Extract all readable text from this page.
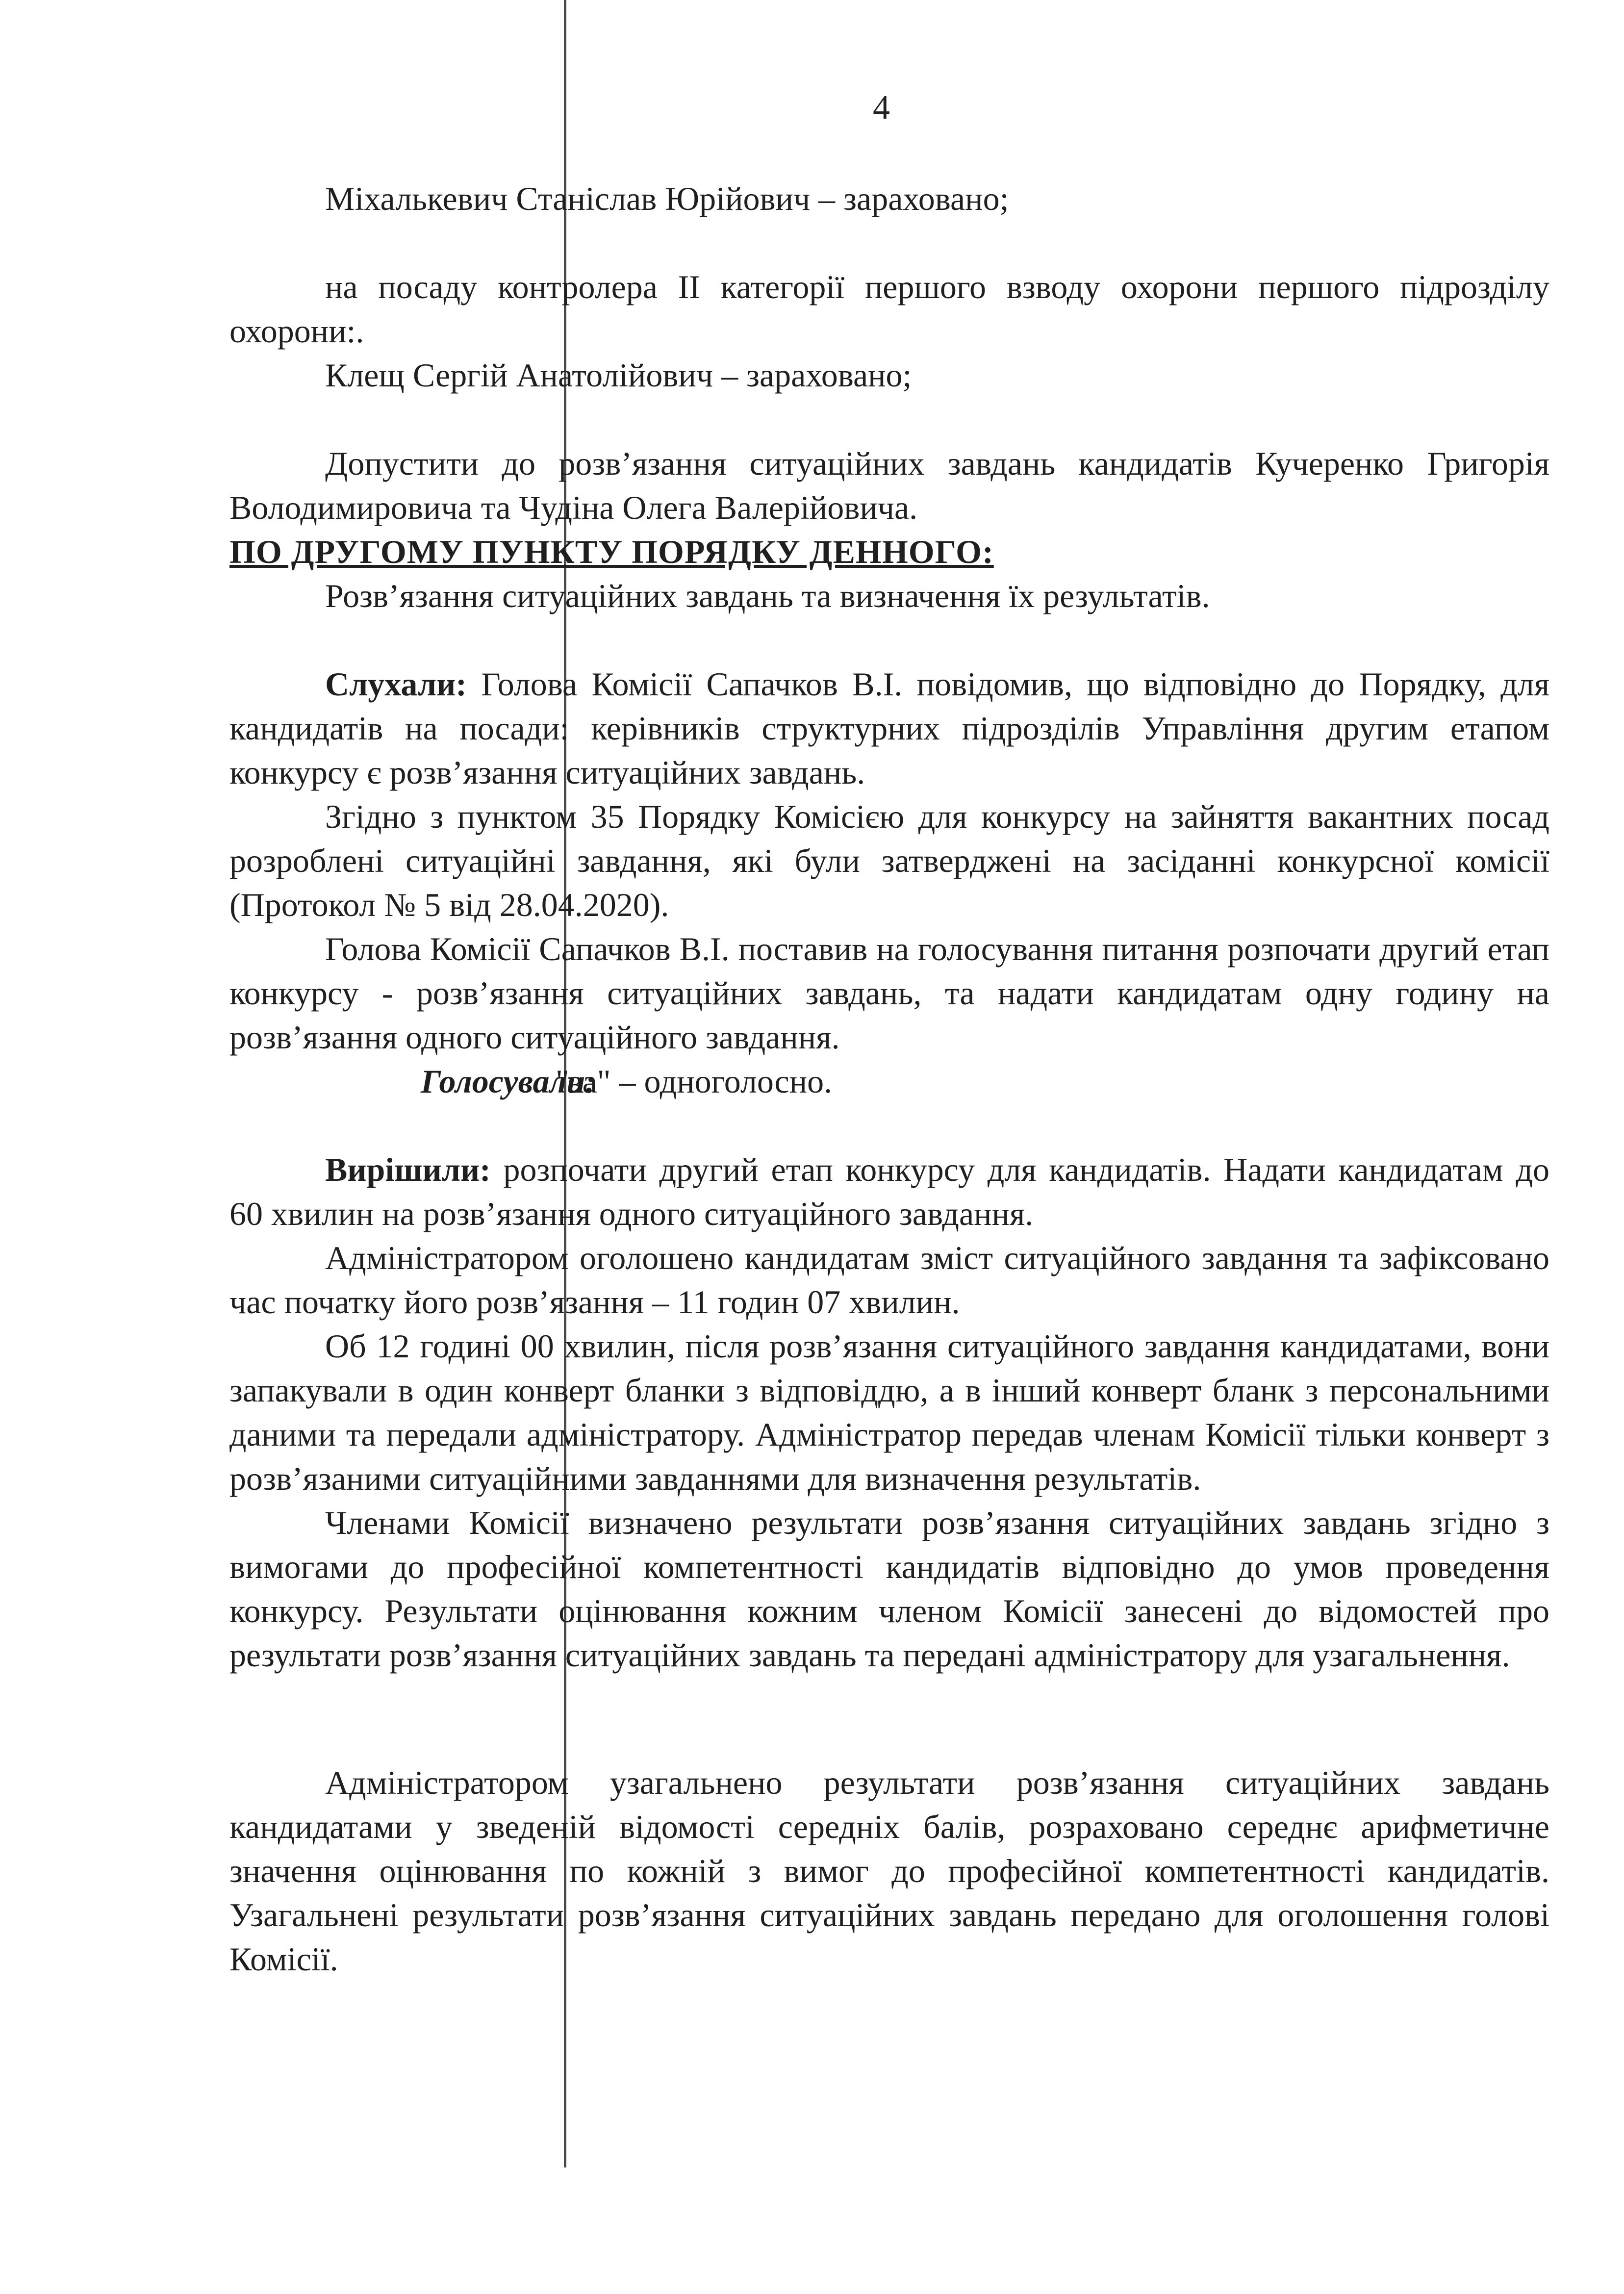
4

Міхалькевич Станіслав Юрійович – зараховано;

на посаду контролера ІІ категорії першого взводу охорони першого підрозділу охорони:.

Клещ Сергій Анатолійович – зараховано;

Допустити до розв’язання ситуаційних завдань кандидатів Кучеренко Григорія Володимировича та Чудіна Олега Валерійовича.

ПО ДРУГОМУ ПУНКТУ ПОРЯДКУ ДЕННОГО:

Розв’язання ситуаційних завдань та визначення їх результатів.

Слухали: Голова Комісії Сапачков В.І. повідомив, що відповідно до Порядку, для кандидатів на посади: керівників структурних підрозділів Управління другим етапом конкурсу є розв’язання ситуаційних завдань.

Згідно з пунктом 35 Порядку Комісією для конкурсу на зайняття вакантних посад розроблені ситуаційні завдання, які були затверджені на засіданні конкурсної комісії (Протокол № 5 від 28.04.2020).

Голова Комісії Сапачков В.І. поставив на голосування питання розпочати другий етап конкурсу - розв’язання ситуаційних завдань, та надати кандидатам одну годину на розв’язання одного ситуаційного завдання.

Голосували:"за" – одноголосно.

Вирішили: розпочати другий етап конкурсу для кандидатів. Надати кандидатам до 60 хвилин на розв’язання одного ситуаційного завдання.

Адміністратором оголошено кандидатам зміст ситуаційного завдання та зафіксовано час початку його розв’язання – 11 годин 07 хвилин.

Об 12 годині 00 хвилин, після розв’язання ситуаційного завдання кандидатами, вони запакували в один конверт бланки з відповіддю, а в інший конверт бланк з персональними даними та передали адміністратору. Адміністратор передав членам Комісії тільки конверт з розв’язаними ситуаційними завданнями для визначення результатів.

Членами Комісії визначено результати розв’язання ситуаційних завдань згідно з вимогами до професійної компетентності кандидатів відповідно до умов проведення конкурсу. Результати оцінювання кожним членом Комісії занесені до відомостей про результати розв’язання ситуаційних завдань та передані адміністратору для узагальнення.

Адміністратором узагальнено результати розв’язання ситуаційних завдань кандидатами у зведеній відомості середніх балів, розраховано середнє арифметичне значення оцінювання по кожній з вимог до професійної компетентності кандидатів. Узагальнені результати розв’язання ситуаційних завдань передано для оголошення голові Комісії.
